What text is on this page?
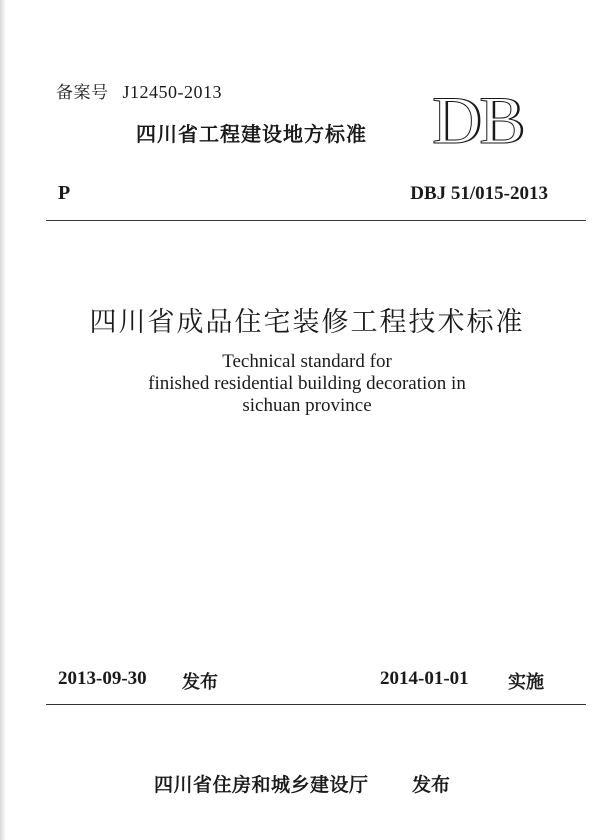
备案号 J12450-2013
四川省工程建设地方标准 DB
P	DBJ 51/015-2013
四川省成品住宅装修工程技术标准
Technical standard for
finished residential building decoration in
sichuan province
2013-09-30 发布	2014-01-01 实施
四川省住房和城乡建设厅 发布
